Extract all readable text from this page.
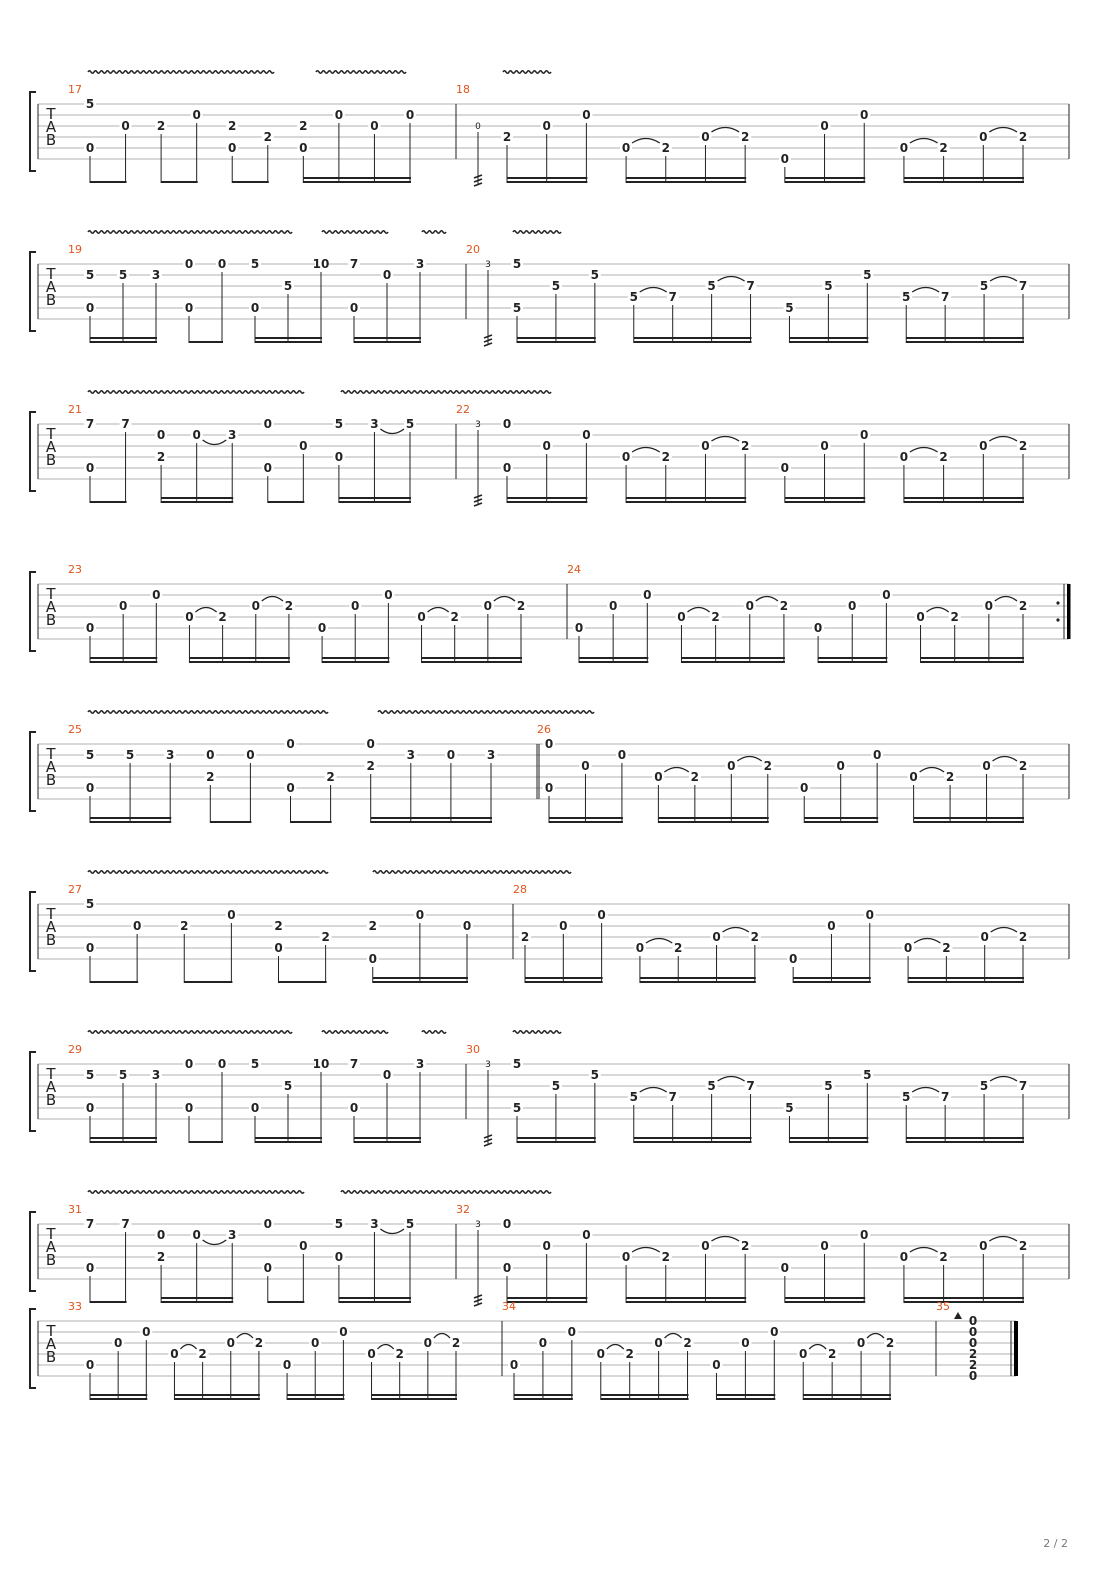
T
A
B
17
5
0
0 2
0
2
0
2
2
0
0
0
0
18
0
2
0
0
0	2
0	2
0
0
0
0	2
0	2
T
A
B
19
5
0
5 3
0
0
0 5
0
5
10 7
0
0
3
20
3 5
5
5
5
5	7
5	7
5
5
5
5	7
5	7
T
A
B
21
7
0
7
0
2
0 3
0
0
0
5
0
3 5
22
3 0
0
0
0
0	2
0	2
0
0
0
0	2
0	2
T
A
B
23
0
0
0
0 2
0 2
0
0
0
0 2
0 2
24
0
0
0
0 2
0 2
0
0
0
0 2
0 2
T
A
B
25
5
0
5	3	0
2
0
0
0
2
0
2
3	0	3
26
0
0
0
0
0 2
0 2
0
0
0
0 2
0 2
T
A
B
27
5
0
0	2
0
2
0
2
2
0
0
0
28
2
0
0
0 2
0 2
0
0
0
0 2
0 2
T
A
B
29
5
0
5 3
0
0
0 5
0
5
10 7
0
0
3
30
3 5
5
5
5
5	7
5	7
5
5
5
5	7
5	7
T
A
B
31
7
0
7
0
2
0 3
0
0
0
5
0
3 5
32
3 0
0
0
0
0	2
0	2
0
0
0
0	2
0	2
T
A
B
33
0
0
0
0 2
0 2
0
0
0
0 2
0 2
34
0
0
0
0 2
0 2
0
0
0
0 2
0 2
35
0
0
0
2
2
0
2 / 2
